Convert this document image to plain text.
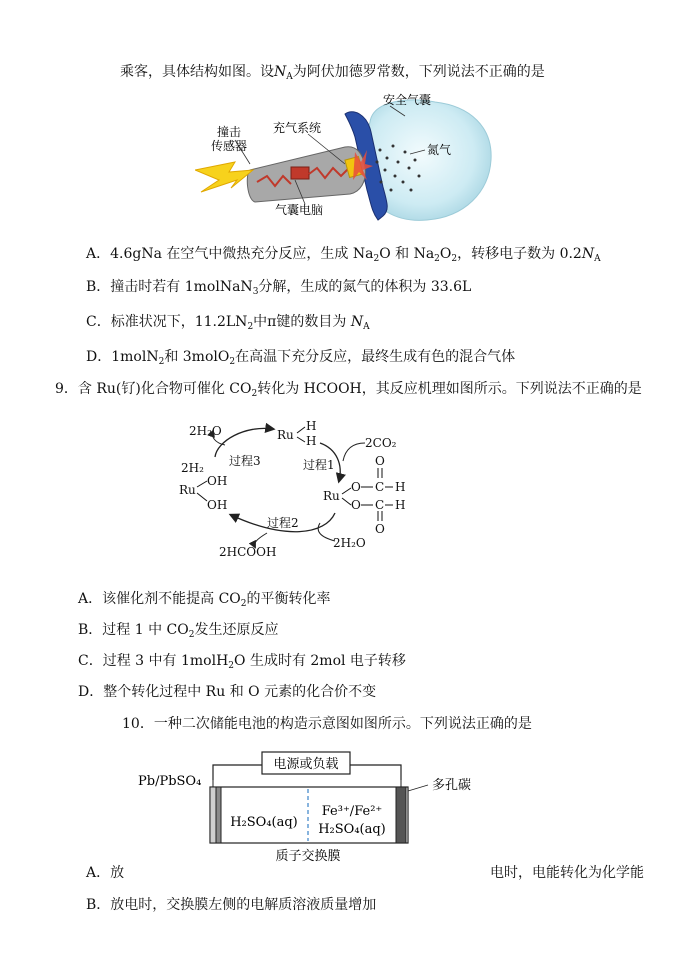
乘客，具体结构如图。设$N_A$为阿伏加德罗常数，下列说法不正确的是
安全气囊
充气系统
撞击
传感器	氮气
气囊电脑
A．4.6gNa 在空气中微热充分反应，生成 $Na_2O$ 和 $Na_2O_2$，转移电子数为 $0.2N_A$
B．撞击时若有 1molNaN$_3$分解，生成的氮气的体积为 33.6L
C．标准状况下，$11.2LN_2$中π键的数目为 $N_A$
D．1molN$_2$和 3molO$_2$在高温下充分反应，最终生成有色的混合气体
9．含 Ru(钌)化合物可催化 $CO_2$转化为 HCOOH，其反应机理如图所示。下列说法不正确的是
2H₂O	Ru
H
H	2CO₂
2H₂ 过程3	过程1
Ru
OH
OH
Ru
O
O
C
C
H
H
O
O
过程2
2HCOOH
2H₂O
A．该催化剂不能提高 $CO_2$的平衡转化率
B．过程 1 中 $CO_2$发生还原反应
C．过程 3 中有 1molH$_2$O 生成时有 2mol 电子转移
D．整个转化过程中 Ru 和 O 元素的化合价不变
10．一种二次储能电池的构造示意图如图所示。下列说法正确的是
电源或负载
Pb/PbSO₄	多孔碳
H₂SO₄(aq)
Fe³⁺/Fe²⁺
H₂SO₄(aq)
质子交换膜
A．放	电时，电能转化为化学能
B．放电时，交换膜左侧的电解质溶液质量增加
